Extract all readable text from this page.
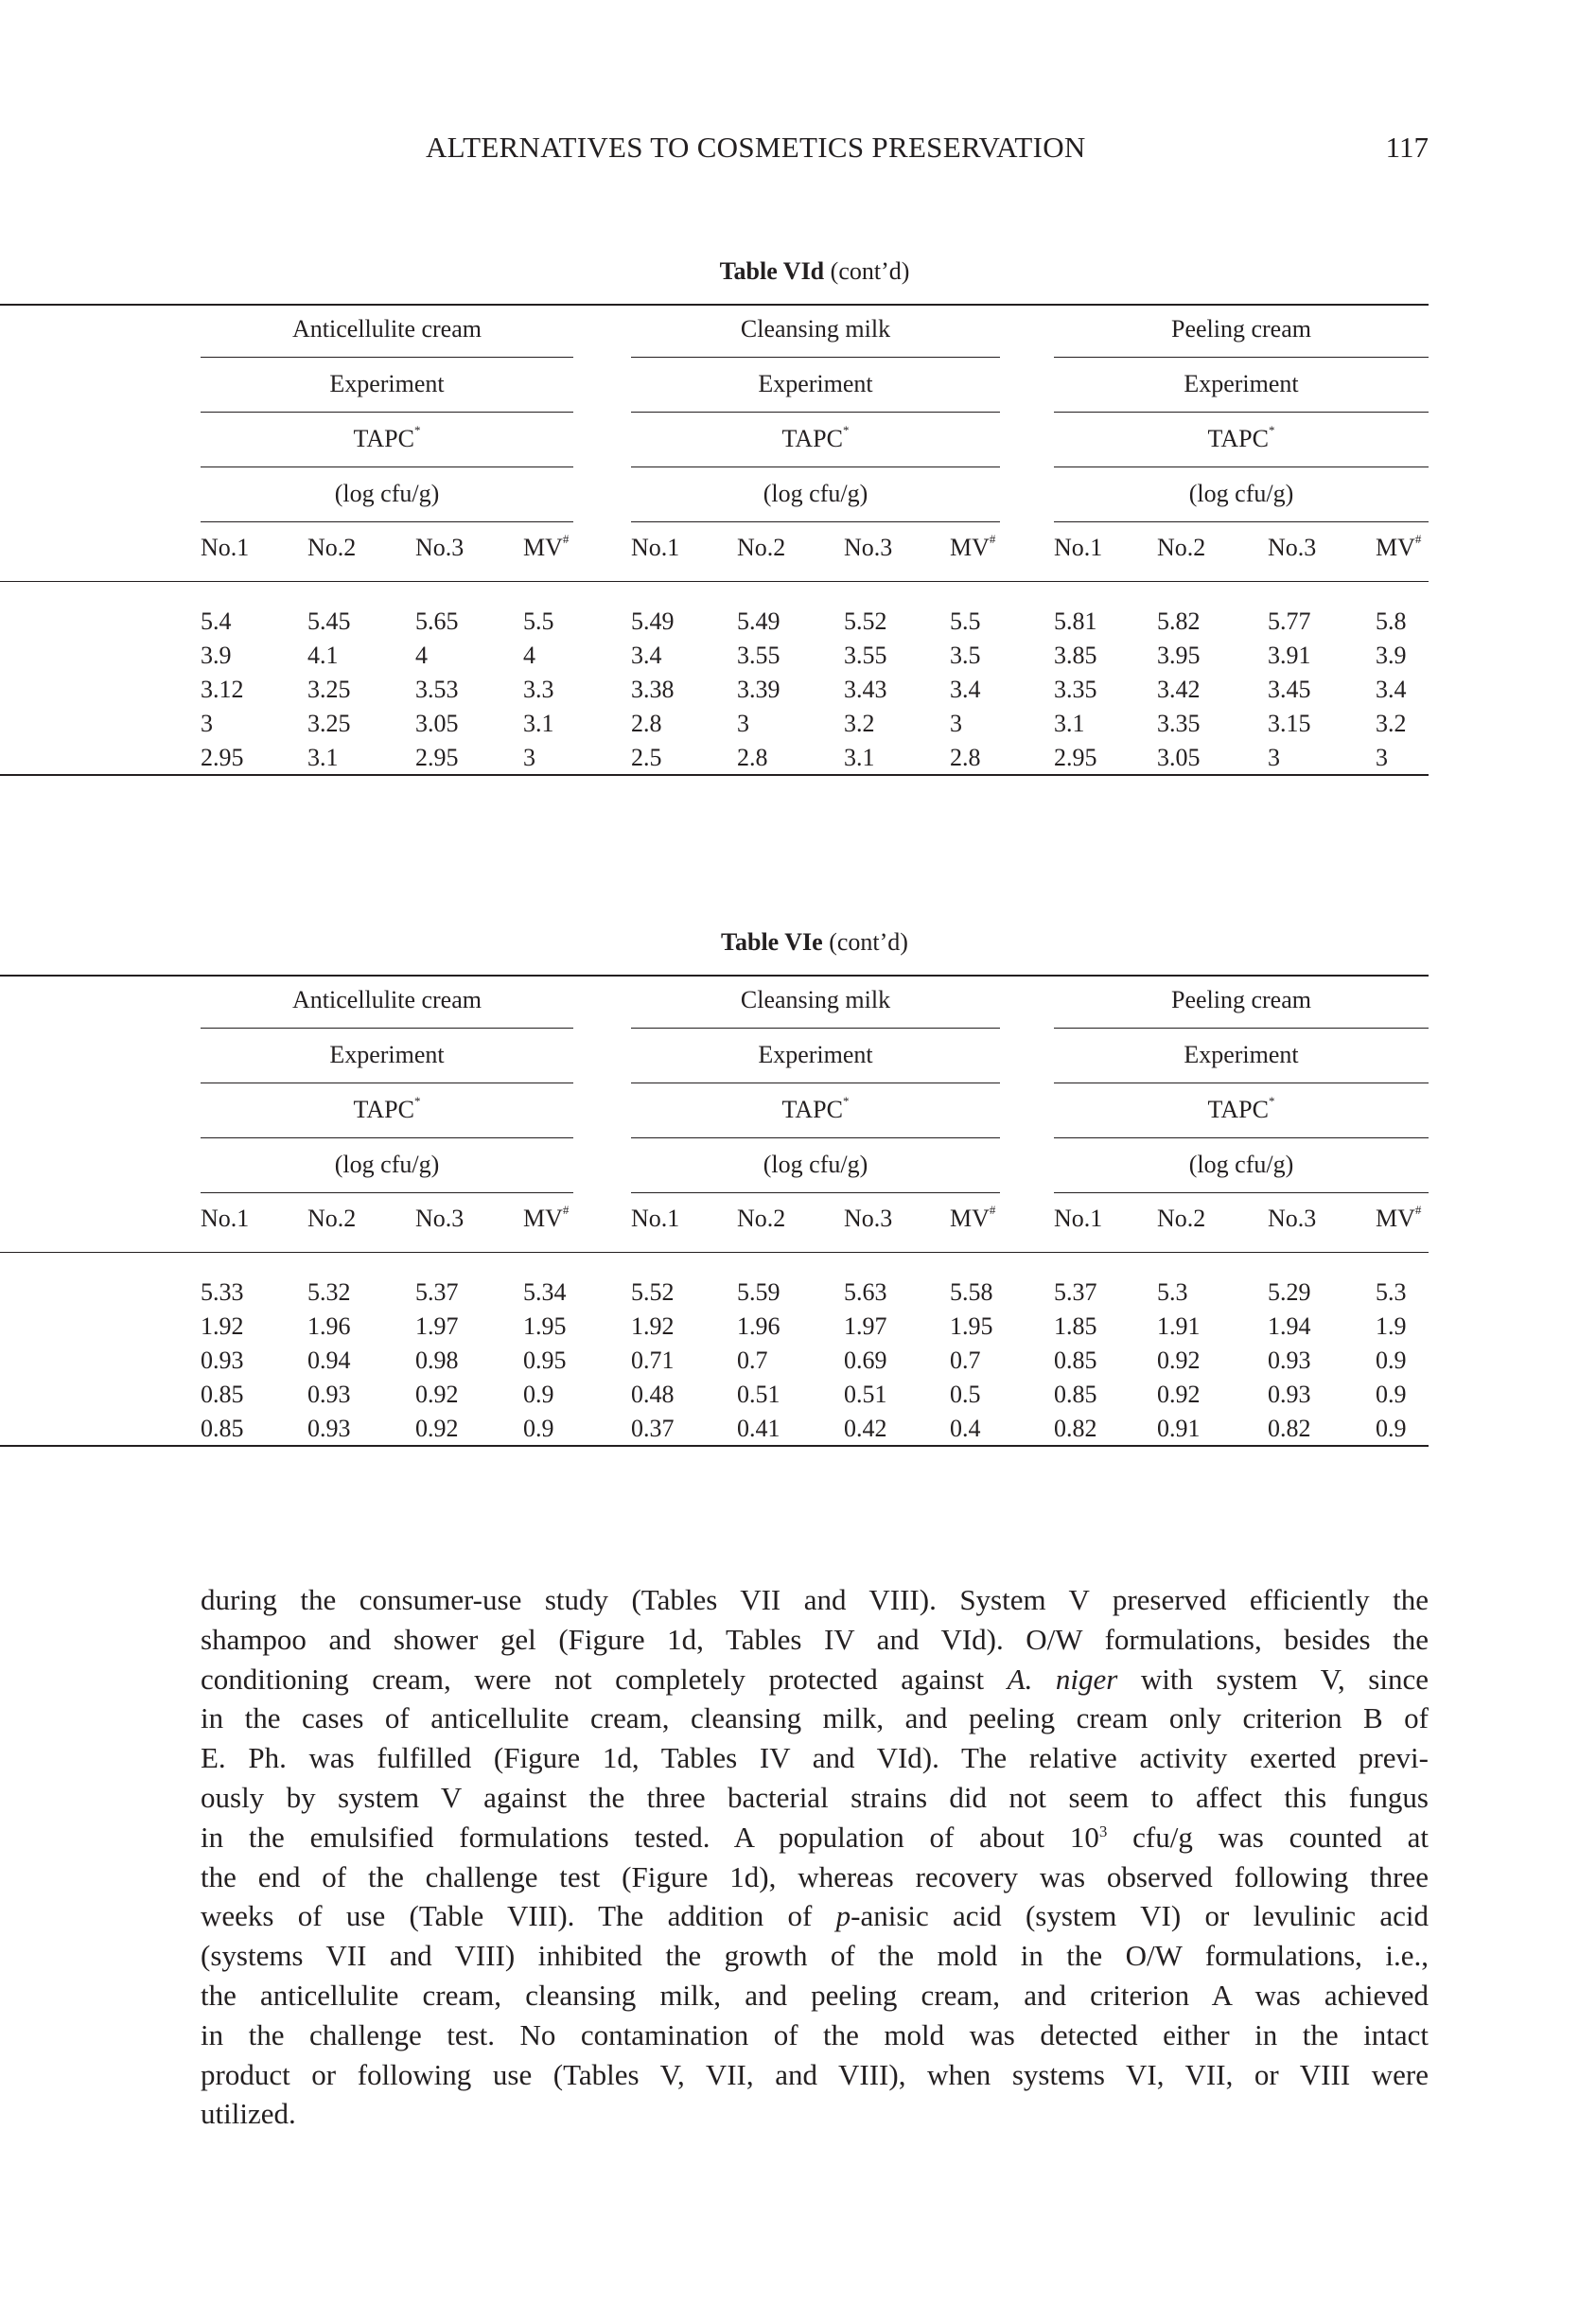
ALTERNATIVES TO COSMETICS PRESERVATION	117
Table VId (cont’d)
Anticellulite cream
Experiment
TAPC*
(log cfu/g)
Cleansing milk
Experiment
TAPC*
(log cfu/g)
Peeling cream
Experiment
TAPC*
(log cfu/g)
No.1 No.2 No.3 MV#	No.1 No.2 No.3 MV# No.1 No.2	No.3 MV#
5.4	5.45	5.65	5.5	5.49	5.49	5.52	5.5	5.81 5.82	5.77	5.8
3.9	4.1	4	4	3.4	3.55	3.55	3.5	3.85 3.95	3.91	3.9
3.12	3.25	3.53	3.3	3.38	3.39	3.43	3.4	3.35 3.42	3.45	3.4
3	3.25	3.05	3.1	2.8	3	3.2	3	3.1	3.35	3.15	3.2
2.95	3.1	2.95	3	2.5	2.8	3.1	2.8	2.95 3.05	3	3
Table VIe (cont’d)
Anticellulite cream
Experiment
TAPC*
(log cfu/g)
Cleansing milk
Experiment
TAPC*
(log cfu/g)
Peeling cream
Experiment
TAPC*
(log cfu/g)
No.1 No.2 No.3 MV#	No.1 No.2 No.3 MV# No.1 No.2	No.3 MV#
5.33	5.32	5.37	5.34	5.52	5.59	5.63	5.58 5.37 5.3	5.29	5.3
1.92	1.96	1.97	1.95	1.92	1.96	1.97	1.95 1.85 1.91	1.94	1.9
0.93	0.94	0.98	0.95	0.71	0.7	0.69	0.7	0.85 0.92	0.93	0.9
0.85	0.93	0.92	0.9	0.48	0.51	0.51	0.5	0.85 0.92	0.93	0.9
0.85	0.93	0.92	0.9	0.37	0.41	0.42	0.4	0.82 0.91	0.82	0.9
during the consumer-use study (Tables VII and VIII). System V preserved efficiently the
shampoo and shower gel (Figure 1d, Tables IV and VId). O/W formulations, besides the
conditioning cream, were not completely protected against A. niger with system V, since
in the cases of anticellulite cream, cleansing milk, and peeling cream only criterion B of
E. Ph. was fulfilled (Figure 1d, Tables IV and VId). The relative activity exerted previ-
ously by system V against the three bacterial strains did not seem to affect this fungus
in the emulsified formulations tested. A population of about $10^3$ cfu/g was counted at
the end of the challenge test (Figure 1d), whereas recovery was observed following three
weeks of use (Table VIII). The addition of p-anisic acid (system VI) or levulinic acid
(systems VII and VIII) inhibited the growth of the mold in the O/W formulations, i.e.,
the anticellulite cream, cleansing milk, and peeling cream, and criterion A was achieved
in the challenge test. No contamination of the mold was detected either in the intact
product or following use (Tables V, VII, and VIII), when systems VI, VII, or VIII were
utilized.
